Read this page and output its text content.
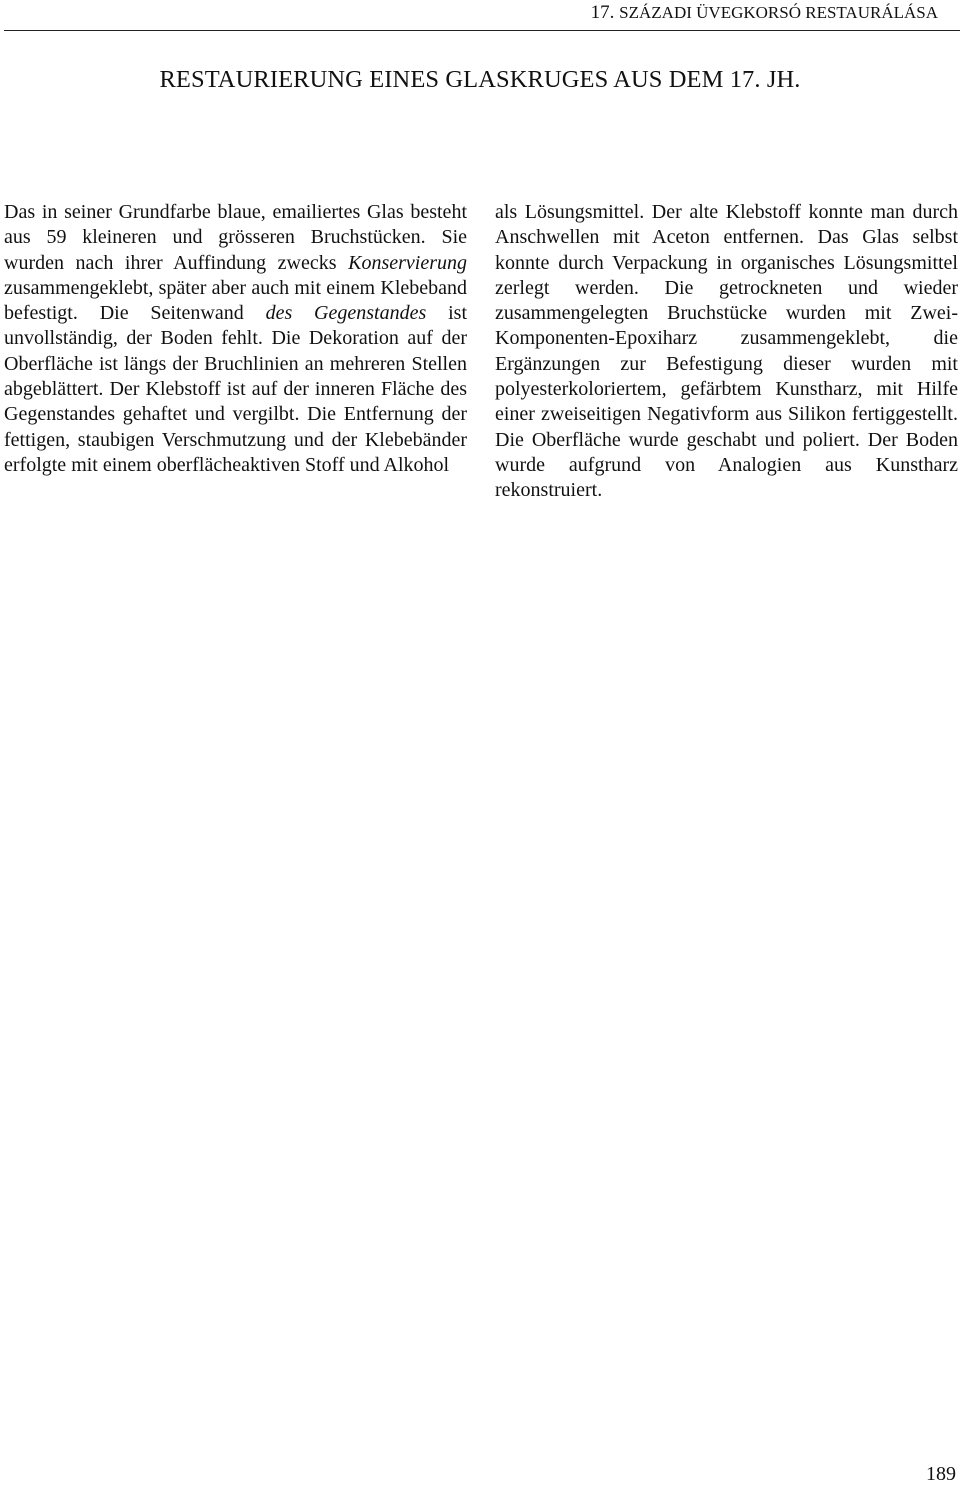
17. SZÁZADI ÜVEGKORSÓ RESTAURÁLÁSA
RESTAURIERUNG EINES GLASKRUGES AUS DEM 17. JH.

Das in seiner Grundfarbe blaue, emailiertes Glas besteht aus 59 kleineren und grösseren Bruchstücken. Sie wurden nach ihrer Auffindung zwecks Konservierung zusammengeklebt, später aber auch mit einem Klebeband befestigt. Die Seitenwand des Gegenstandes ist unvollständig, der Boden fehlt. Die Dekoration auf der Oberfläche ist längs der Bruchlinien an mehreren Stellen abgeblättert. Der Klebstoff ist auf der inneren Fläche des Gegenstandes gehaftet und vergilbt. Die Entfernung der fettigen, staubigen Verschmutzung und der Klebebänder erfolgte mit einem oberflächeaktiven Stoff und Alkohol

als Lösungsmittel. Der alte Klebstoff konnte man durch Anschwellen mit Aceton entfernen. Das Glas selbst konnte durch Verpackung in organisches Lösungsmittel zerlegt werden. Die getrockneten und wieder zusammengelegten Bruchstücke wurden mit Zwei-Komponenten-Epoxiharz zusammengeklebt, die Ergänzungen zur Befestigung dieser wurden mit polyesterkoloriertem, gefärbtem Kunstharz, mit Hilfe einer zweiseitigen Negativform aus Silikon fertiggestellt. Die Oberfläche wurde geschabt und poliert. Der Boden wurde aufgrund von Analogien aus Kunstharz rekonstruiert.

189
